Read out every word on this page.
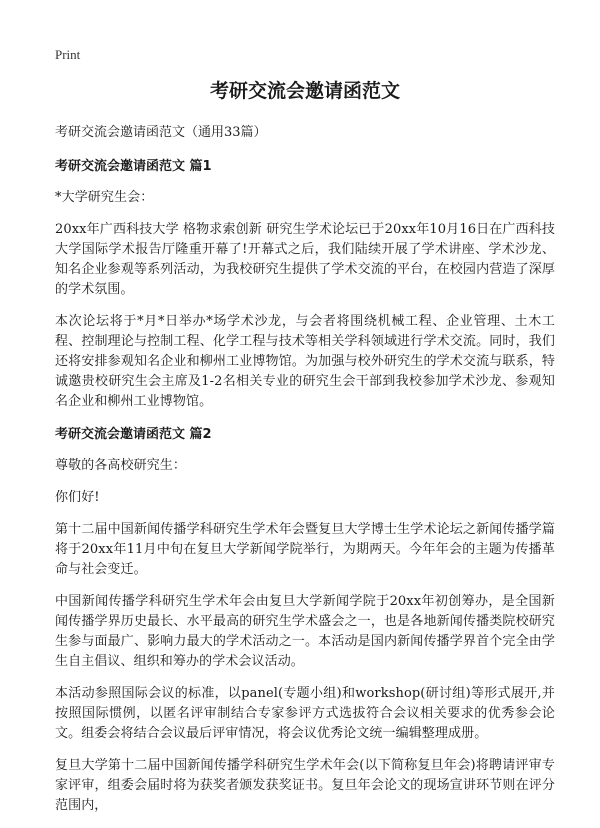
Print
考研交流会邀请函范文
考研交流会邀请函范文（通用33篇）
考研交流会邀请函范文 篇1

*大学研究生会：

20xx年广西科技大学 格物求索创新 研究生学术论坛已于20xx年10月16日在广西科技大学国际学术报告厅隆重开幕了!开幕式之后，我们陆续开展了学术讲座、学术沙龙、知名企业参观等系列活动，为我校研究生提供了学术交流的平台，在校园内营造了深厚的学术氛围。

本次论坛将于*月*日举办*场学术沙龙，与会者将围绕机械工程、企业管理、土木工程、控制理论与控制工程、化学工程与技术等相关学科领域进行学术交流。同时，我们还将安排参观知名企业和柳州工业博物馆。为加强与校外研究生的学术交流与联系，特诚邀贵校研究生会主席及1-2名相关专业的研究生会干部到我校参加学术沙龙、参观知名企业和柳州工业博物馆。

考研交流会邀请函范文 篇2

尊敬的各高校研究生：

你们好!

第十二届中国新闻传播学科研究生学术年会暨复旦大学博士生学术论坛之新闻传播学篇将于20xx年11月中旬在复旦大学新闻学院举行，为期两天。今年年会的主题为传播革命与社会变迁。

中国新闻传播学科研究生学术年会由复旦大学新闻学院于20xx年初创筹办，是全国新闻传播学界历史最长、水平最高的研究生学术盛会之一，也是各地新闻传播类院校研究生参与面最广、影响力最大的学术活动之一。本活动是国内新闻传播学界首个完全由学生自主倡议、组织和筹办的学术会议活动。

本活动参照国际会议的标准，以panel(专题小组)和workshop(研讨组)等形式展开,并按照国际惯例，以匿名评审制结合专家参评方式选拔符合会议相关要求的优秀参会论文。组委会将结合会议最后评审情况，将会议优秀论文统一编辑整理成册。

复旦大学第十二届中国新闻传播学科研究生学术年会(以下简称复旦年会)将聘请评审专家评审，组委会届时将为获奖者颁发获奖证书。复旦年会论文的现场宣讲环节则在评分范围内，
